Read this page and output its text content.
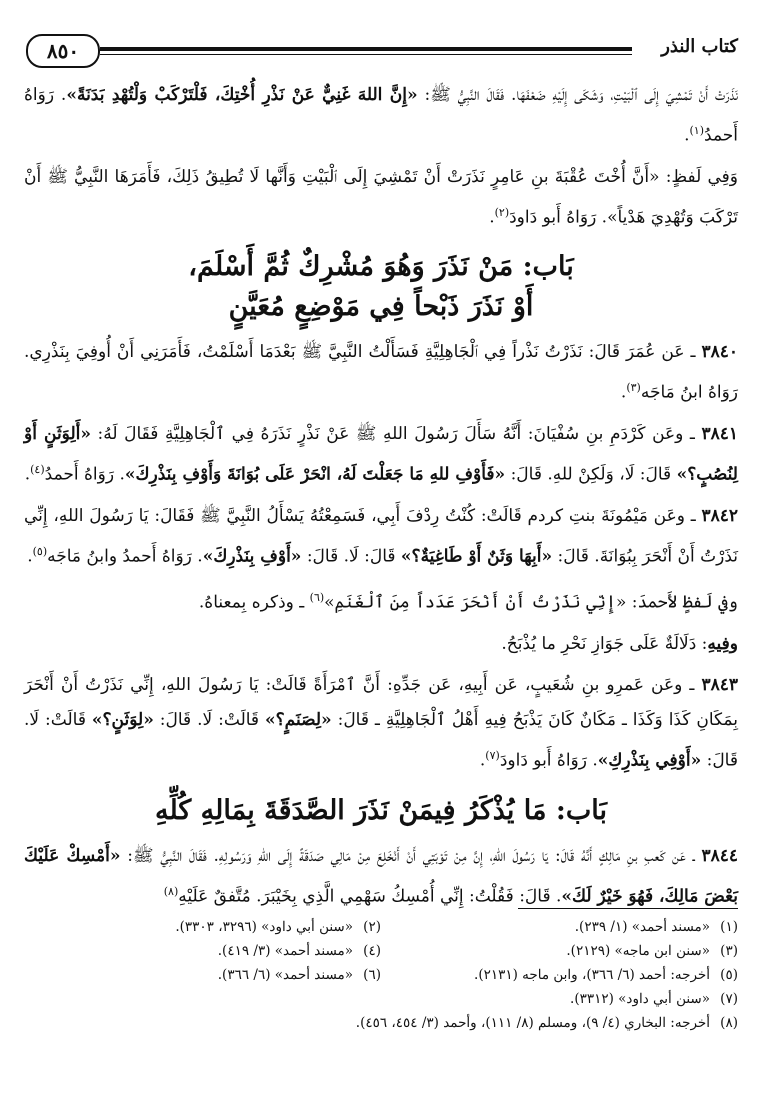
كتاب النذر
٨٥٠

نَذَرَتْ أَنْ تَمْشِيَ إِلَى ٱلْبَيْتِ، وَشَكَى إِلَيْهِ ضَعْفَهَا. فَقَالَ النَّبِيُّ ﷺ: «إِنَّ اللهَ غَنِيٌّ عَنْ نَذْرِ أُخْتِكَ، فَلْتَرْكَبْ وَلْتُهْدِ بَدَنَةً». رَوَاهُ أَحمدُ$^{(١)}$.

وَفِي لَفظٍ: «أَنَّ أُخْتَ عُقْبَةَ بنِ عَامِرٍ نَذَرَتْ أَنْ تَمْشِيَ إِلَى ٱلْبَيْتِ وَأَنَّها لَا تُطِيقُ ذَلِكَ، فَأَمَرَهَا النَّبِيُّ ﷺ أَنْ تَرْكَبَ وَتُهْدِيَ هَدْياً». رَوَاهُ أَبو دَاودَ$^{(٢)}$.

بَاب: مَنْ نَذَرَ وَهُوَ مُشْرِكٌ ثُمَّ أَسْلَمَ،
أَوْ نَذَرَ ذَبْحاً فِي مَوْضِعٍ مُعَيَّنٍ

٣٨٤٠ ـ عَن عُمَرَ قَالَ: نَذَرْتُ نَذْراً فِي ٱلْجَاهِلِيَّةِ فَسَأَلْتُ النَّبِيَّ ﷺ بَعْدَمَا أَسْلَمْتُ، فَأَمَرَنِي أَنْ أُوفِيَ بِنَذْرِي. رَوَاهُ ابنُ مَاجَه$^{(٣)}$.

٣٨٤١ ـ وعَن كَرْدَمِ بنِ سُفْيَانَ: أَنَّهُ سَأَلَ رَسُولَ اللهِ ﷺ عَنْ نَذْرٍ نَذَرَهُ فِي ٱلْجَاهِلِيَّةِ فَقَالَ لَهُ: «أَلِوَثَنٍ أَوْ لِنُصُبٍ؟» قَالَ: لَا، وَلَكِنْ للهِ. قَالَ: «فَأَوْفِ للهِ مَا جَعَلْتَ لَهُ، انْحَرْ عَلَى بُوَانَةَ وَأَوْفِ بِنَذْرِكَ». رَوَاهُ أَحمدُ$^{(٤)}$.

٣٨٤٢ ـ وعَن مَيْمُونَةَ بنتِ كردم قَالَتْ: كُنْتُ رِدْفَ أَبِي، فَسَمِعْتُهُ يَسْأَلُ النَّبِيَّ ﷺ فَقَالَ: يَا رَسُولَ اللهِ، إِنِّي نَذَرْتُ أَنْ أَنْحَرَ بِبُوَانَةَ. قَالَ: «أَبِهَا وَثَنٌ أَوْ طَاغِيَةٌ؟» قَالَ: لَا. قَالَ: «أَوْفِ بِنَذْرِكَ». رَوَاهُ أَحمدُ وابنُ مَاجَه$^{(٥)}$.

وفي لَفظٍ لأَحمدَ: «إِنِّي نَذَرْتُ أَنْ أَنْحَرَ عَدَداً مِنَ ٱلْغَنَمِ»$^{(٦)}$ ـ وذكره بِمعناهُ.

وفِيهِ: دَلَالَةٌ عَلَى جَوَازِ نَحْرِ ما يُذْبَحُ.

٣٨٤٣ ـ وعَن عَمرِو بنِ شُعَيبٍ، عَن أَبِيهِ، عَن جَدِّهِ: أَنَّ ٱمْرَأَةً قَالَتْ: يَا رَسُولَ اللهِ، إِنِّي نَذَرْتُ أَنْ أَنْحَرَ بِمَكَانِ كَذَا وَكَذَا ـ مَكَانٌ كَانَ يَذْبَحُ فِيهِ أَهْلُ ٱلْجَاهِلِيَّةِ ـ قَالَ: «لِصَنَمٍ؟» قَالَتْ: لَا. قَالَ: «لِوَثَنٍ؟» قَالَتْ: لَا. قَالَ: «أَوْفِي بِنَذْرِكِ». رَوَاهُ أَبو دَاودَ$^{(٧)}$.

بَاب: مَا يُذْكَرُ فِيمَنْ نَذَرَ الصَّدَقَةَ بِمَالِهِ كُلِّهِ

٣٨٤٤ ـ عَن كَعبِ بنِ مَالِكٍ أَنَّهُ قَالَ: يَا رَسُولَ اللهِ، إِنَّ مِنْ تَوْبَتِي أَنْ أَنْخَلِعَ مِنْ مَالِي صَدَقَةً إِلَى اللهِ وَرَسُولِهِ. فَقَالَ النَّبِيُّ ﷺ: «أَمْسِكْ عَلَيْكَ بَعْضَ مَالِكَ، فَهُوَ خَيْرٌ لَكَ». قَالَ: فَقُلْتُ: إِنِّي أُمْسِكُ سَهْمِي الَّذِي بِخَيْبَرَ. مُتَّفقٌ عَلَيْهِ$^{(٨)}$

(١)
«مسند أحمد» (١/ ٢٣٩).
(٢)
«سنن أبي داود» (٣٢٩٦، ٣٣٠٣).
(٣)
«سنن ابن ماجه» (٢١٢٩).
(٤)
«مسند أحمد» (٣/ ٤١٩).
(٥)
أخرجه: أحمد (٦/ ٣٦٦)، وابن ماجه (٢١٣١).
(٦)
«مسند أحمد» (٦/ ٣٦٦).
(٧)
«سنن أبي داود» (٣٣١٢).
(٨)
أخرجه: البخاري (٤/ ٩)، ومسلم (٨/ ١١١)، وأحمد (٣/ ٤٥٤، ٤٥٦).
